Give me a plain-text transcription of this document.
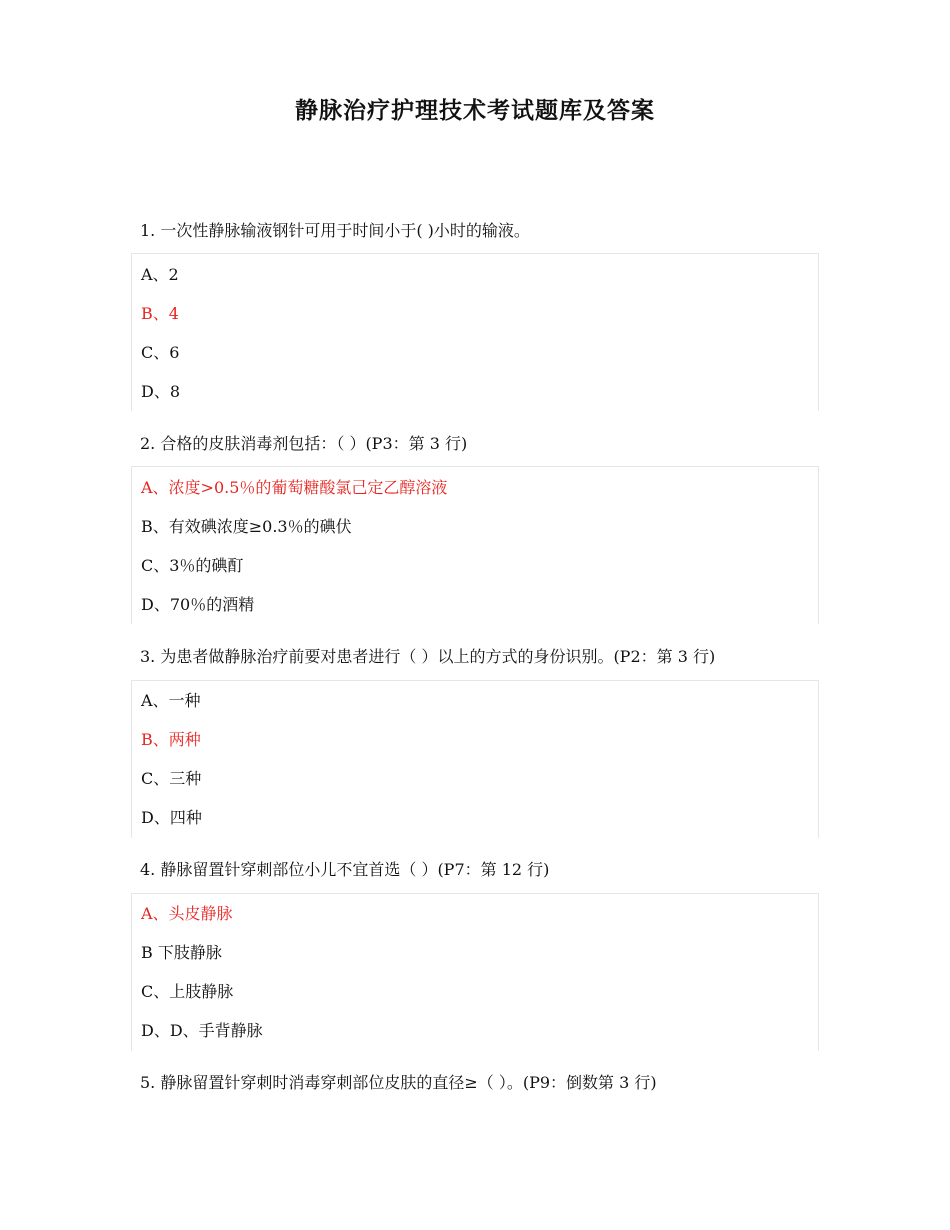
静脉治疗护理技术考试题库及答案
1. 一次性静脉输液钢针可用于时间小于( )小时的输液。
A、2
B、4
C、6
D、8
2. 合格的皮肤消毒剂包括：（ ）(P3：第 3 行)
A、浓度>0.5％的葡萄糖酸氯己定乙醇溶液
B、有效碘浓度≥0.3％的碘伏
C、3％的碘酊
D、70％的酒精
3. 为患者做静脉治疗前要对患者进行（ ）以上的方式的身份识别。(P2：第 3 行)
A、一种
B、两种
C、三种
D、四种
4. 静脉留置针穿刺部位小儿不宜首选（ ）(P7：第 12 行)
A、头皮静脉
B 下肢静脉
C、上肢静脉
D、D、手背静脉
5. 静脉留置针穿刺时消毒穿刺部位皮肤的直径≥（ ）。(P9：倒数第 3 行)
